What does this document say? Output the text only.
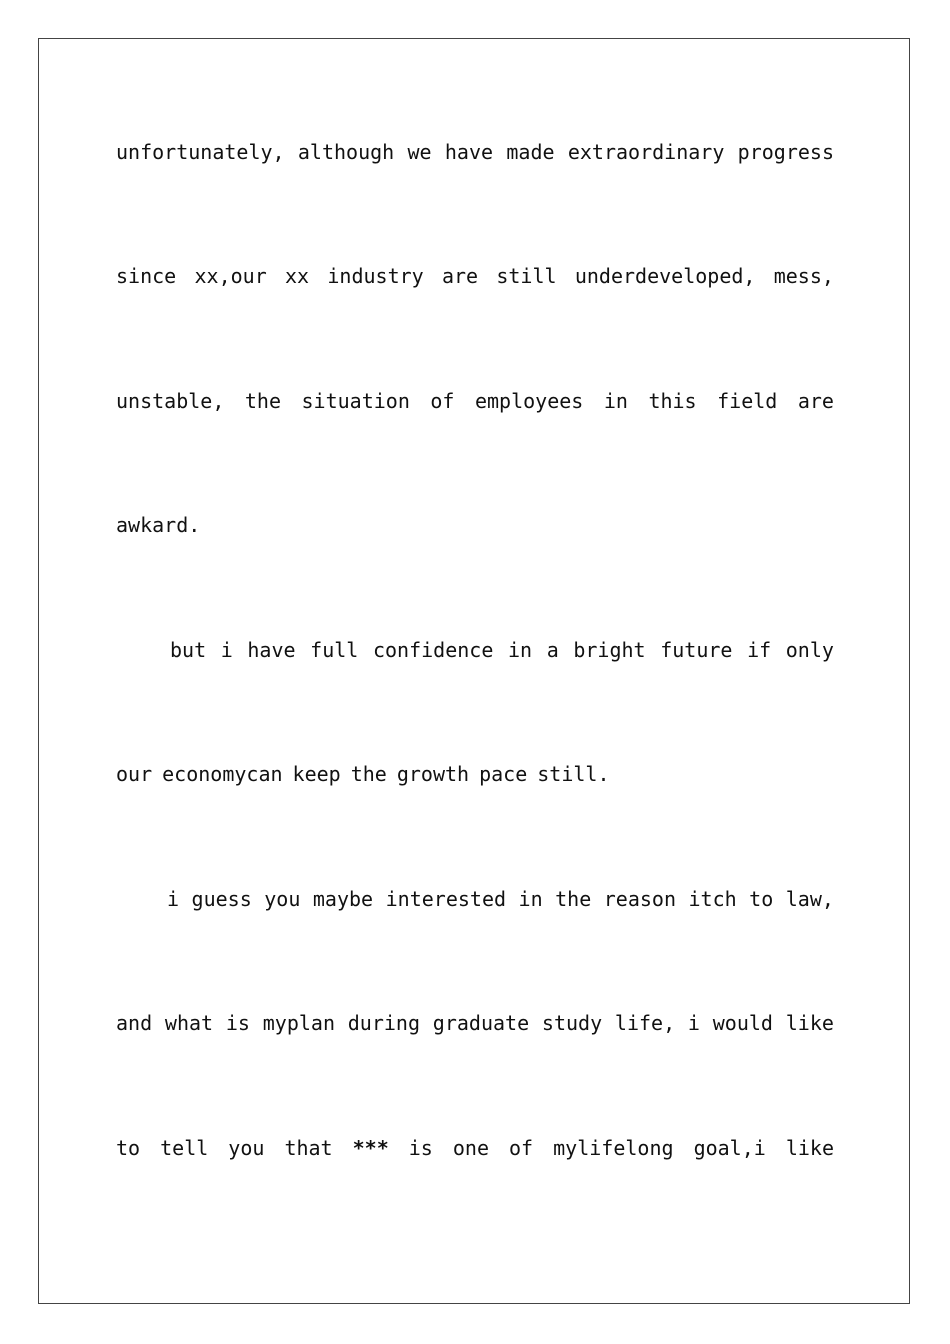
unfortunately, although we have made extraordinary progress
since xx,our xx industry are still underdeveloped, mess,
unstable, the situation of employees in this field are
awkard.
but i have full confidence in a bright future if only
our economycan keep the growth pace still.
i guess you maybe interested in the reason itch to law,
and what is myplan during graduate study life, i would like
to tell you that *** is one of mylifelong goal,i like
